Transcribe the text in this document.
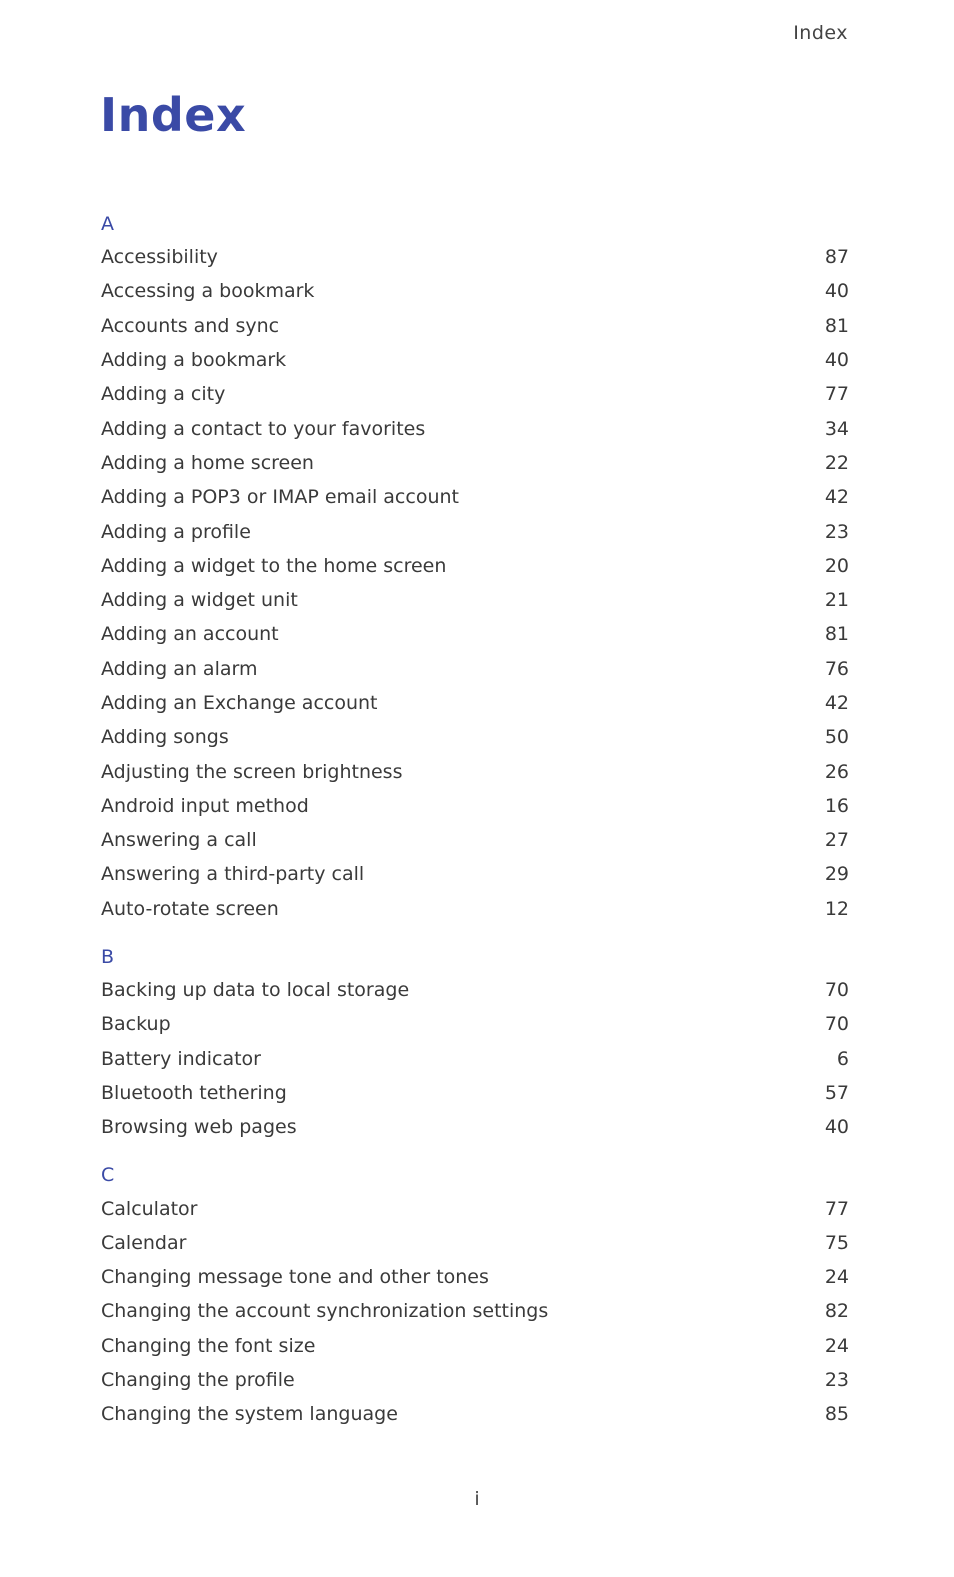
Index
Index
A
Accessibility	87
Accessing a bookmark	40
Accounts and sync	81
Adding a bookmark	40
Adding a city	77
Adding a contact to your favorites	34
Adding a home screen	22
Adding a POP3 or IMAP email account	42
Adding a profile	23
Adding a widget to the home screen	20
Adding a widget unit	21
Adding an account	81
Adding an alarm	76
Adding an Exchange account	42
Adding songs	50
Adjusting the screen brightness	26
Android input method	16
Answering a call	27
Answering a third-party call	29
Auto-rotate screen	12
B
Backing up data to local storage	70
Backup	70
Battery indicator	6
Bluetooth tethering	57
Browsing web pages	40
C
Calculator	77
Calendar	75
Changing message tone and other tones	24
Changing the account synchronization settings	82
Changing the font size	24
Changing the profile	23
Changing the system language	85
i
